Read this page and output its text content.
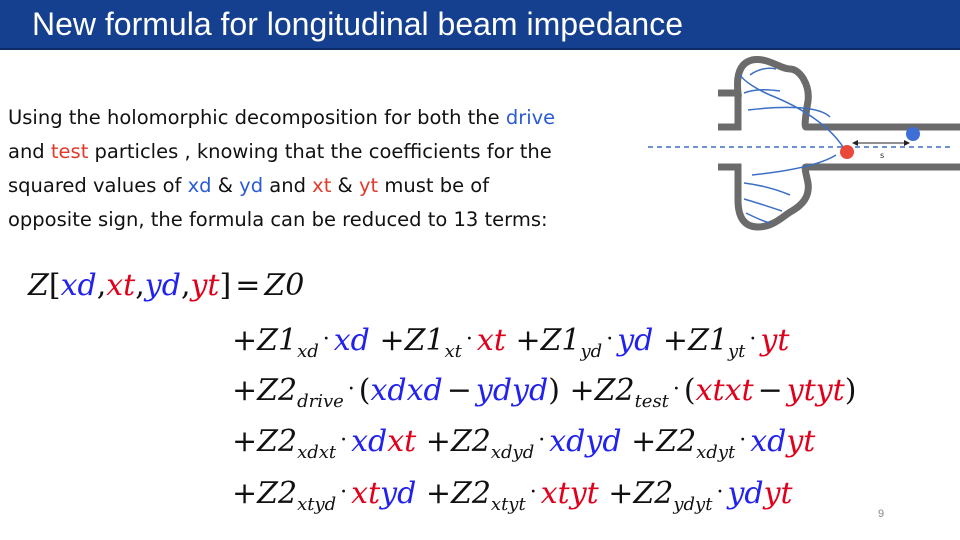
New formula for longitudinal beam impedance
Using the holomorphic decomposition for both the drive
and test particles , knowing that the coefficients for the
squared values of xd & yd and xt & yt must be of
opposite sign, the formula can be reduced to 13 terms:
s
Z[xd,xt,yd,yt] = Z0
$+Z1_{xd}$ · xd $+Z1_{xt}$ · xt $+Z1_{yd}$ · yd $+Z1_{yt}$ · yt
$+Z2_{drive}$ · (xdxd − ydyd) $+Z2_{test}$ · (xtxt − ytyt)
$+Z2_{xdxt}$ · xdxt $+Z2_{xdyd}$ · xdyd $+Z2_{xdyt}$ · xdyt
$+Z2_{xtyd}$ · xtyd $+Z2_{xtyt}$ · xtyt $+Z2_{ydyt}$ · ydyt
9
